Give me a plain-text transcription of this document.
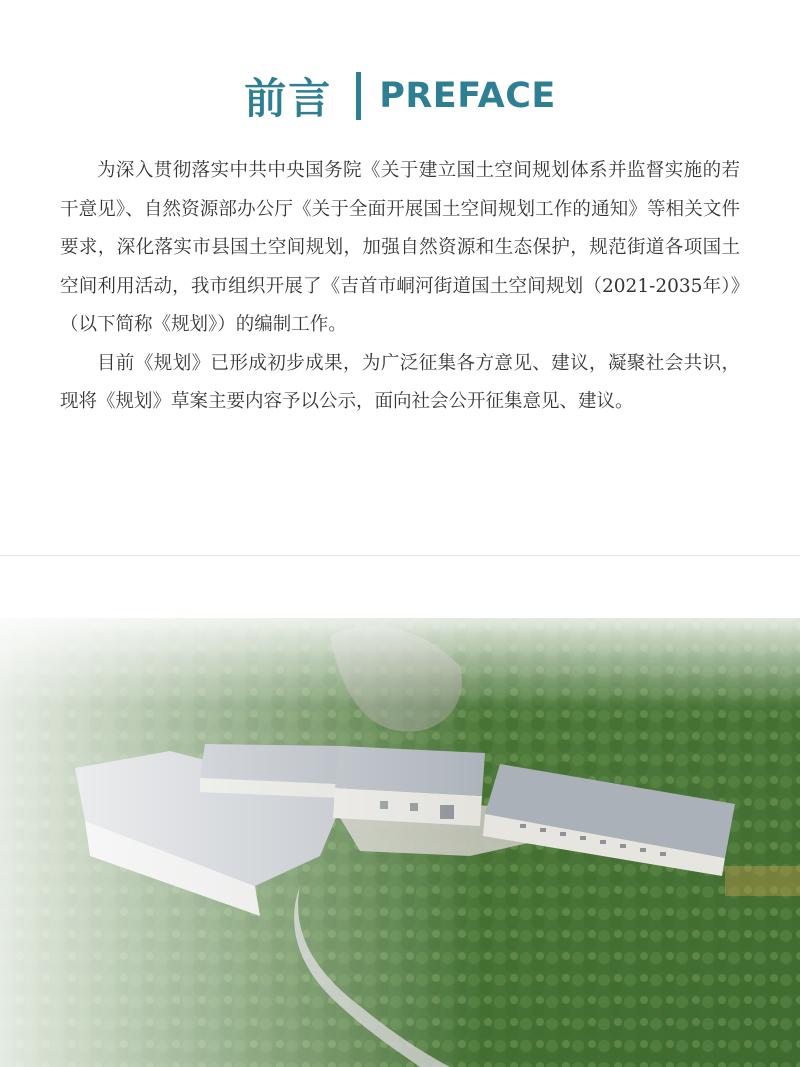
前言 PREFACE

为深入贯彻落实中共中央国务院《关于建立国土空间规划体系并监督实施的若干意见》、自然资源部办公厅《关于全面开展国土空间规划工作的通知》等相关文件要求，深化落实市县国土空间规划，加强自然资源和生态保护，规范街道各项国土空间利用活动，我市组织开展了《吉首市峒河街道国土空间规划（2021-2035年）》（以下简称《规划》）的编制工作。

目前《规划》已形成初步成果，为广泛征集各方意见、建议，凝聚社会共识，现将《规划》草案主要内容予以公示，面向社会公开征集意见、建议。
